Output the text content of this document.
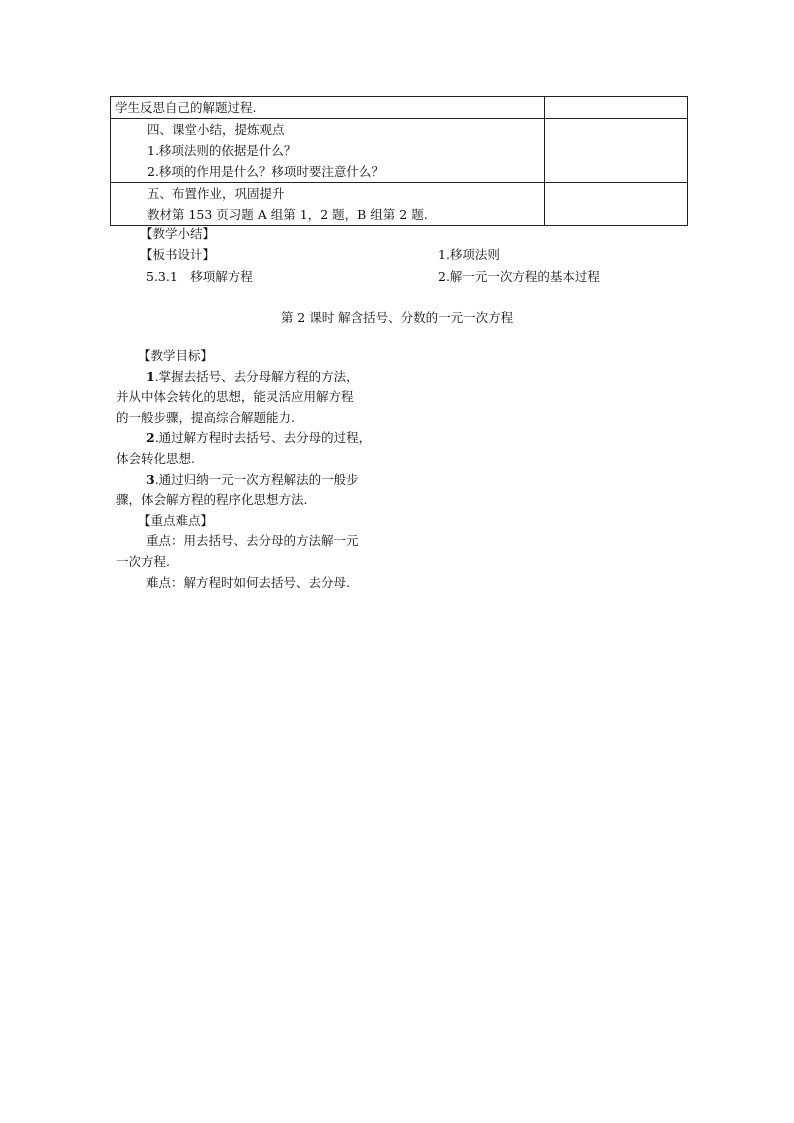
学生反思自己的解题过程.	

四、课堂小结，提炼观点
1.移项法则的依据是什么？
2.移项的作用是什么？移项时要注意什么？	

五、布置作业，巩固提升
教材第 153 页习题 A 组第 1，2 题，B 组第 2 题.	

【教学小结】
【板书设计】	1.移项法则
5.3.1　移项解方程	2.解一元一次方程的基本过程
第 2 课时 解含括号、分数的一元一次方程
【教学目标】
1.掌握去括号、去分母解方程的方法，
并从中体会转化的思想，能灵活应用解方程
的一般步骤，提高综合解题能力.
2.通过解方程时去括号、去分母的过程，
体会转化思想.
3.通过归纳一元一次方程解法的一般步
骤，体会解方程的程序化思想方法.
【重点难点】
重点：用去括号、去分母的方法解一元
一次方程.
难点：解方程时如何去括号、去分母.
